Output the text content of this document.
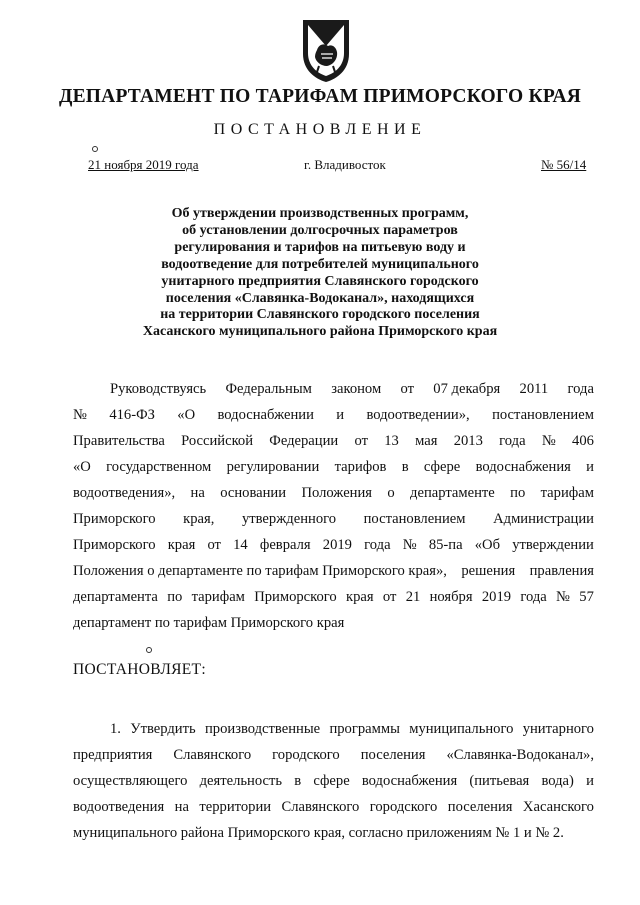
ДЕПАРТАМЕНТ ПО ТАРИФАМ ПРИМОРСКОГО КРАЯ
ПОСТАНОВЛЕНИЕ
21 ноября 2019 года	г. Владивосток	№ 56/14
Об утверждении производственных программ,
об установлении долгосрочных параметров
регулирования и тарифов на питьевую воду и
водоотведение для потребителей муниципального
унитарного предприятия Славянского городского
поселения «Славянка-Водоканал», находящихся
на территории Славянского городского поселения
Хасанского муниципального района Приморского края
Руководствуясь Федеральным законом от 07 декабря 2011 года
№ 416-ФЗ «О водоснабжении и водоотведении», постановлением
Правительства Российской Федерации от 13 мая 2013 года № 406
«О государственном регулировании тарифов в сфере водоснабжения и
водоотведения», на основании Положения о департаменте по тарифам
Приморского края, утвержденного постановлением Администрации
Приморского края от 14 февраля 2019 года № 85-па «Об утверждении
Положения о департаменте по тарифам Приморского края», решения правления
департамента по тарифам Приморского края от 21 ноября 2019 года № 57
департамент по тарифам Приморского края
ПОСТАНОВЛЯЕТ:
1. Утвердить производственные программы муниципального унитарного
предприятия Славянского городского поселения «Славянка-Водоканал»,
осуществляющего деятельность в сфере водоснабжения (питьевая вода) и
водоотведения на территории Славянского городского поселения Хасанского
муниципального района Приморского края, согласно приложениям № 1 и № 2.
